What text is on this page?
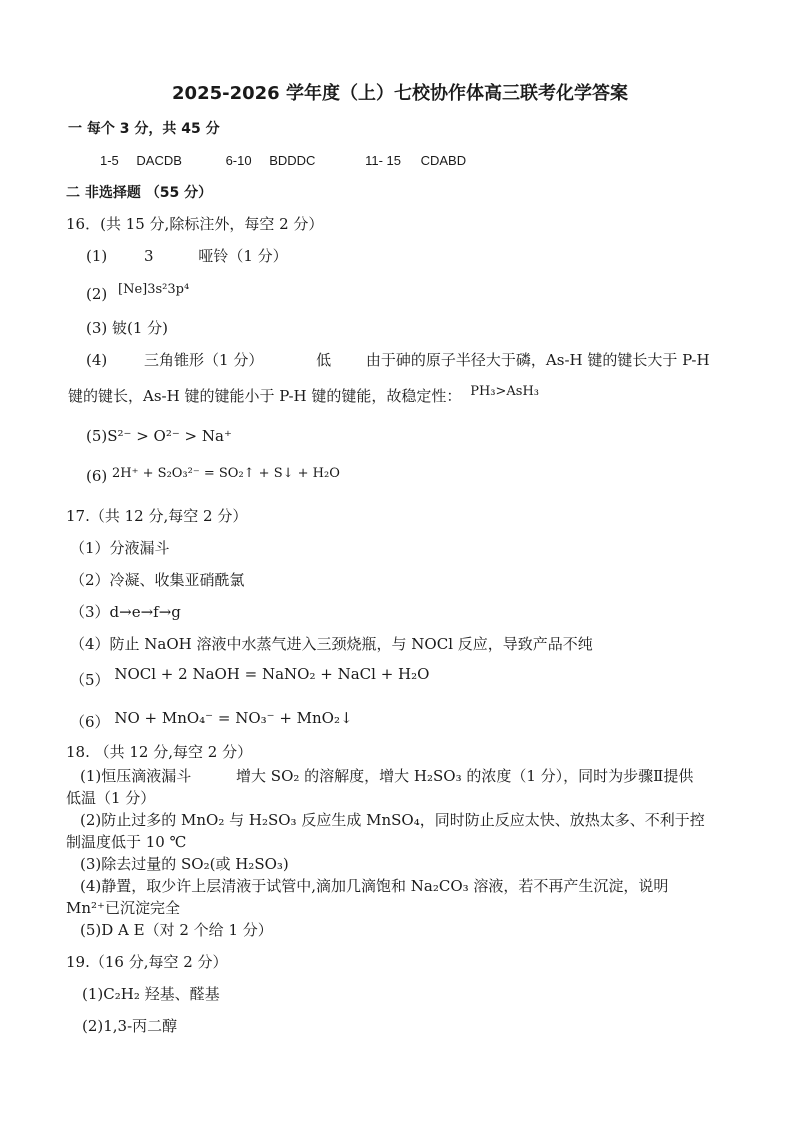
2025-2026 学年度（上）七校协作体高三联考化学答案
一 每个 3 分，共 45 分
1-5 DACDB	6-10 BDDDC	11- 15 CDABD
二 非选择题 （55 分）
16．(共 15 分,除标注外，每空 2 分）
(1) 3	哑铃（1 分）
(2) [Ne]3s²3p⁴
(3) 铍(1 分)
(4) 三角锥形（1 分）	低 由于砷的原子半径大于磷，As-H 键的键长大于 P-H
键的键长，As-H 键的键能小于 P-H 键的键能，故稳定性： PH₃>AsH₃
(5)S²⁻ > O²⁻ > Na⁺
(6) 2H⁺ + S₂O₃²⁻ = SO₂↑ + S↓ + H₂O
17.（共 12 分,每空 2 分）
（1）分液漏斗
（2）冷凝、收集亚硝酰氯
（3）d→e→f→g
（4）防止 NaOH 溶液中水蒸气进入三颈烧瓶，与 NOCl 反应，导致产品不纯
（5） NOCl + 2 NaOH = NaNO₂ + NaCl + H₂O
（6） NO + MnO₄⁻ = NO₃⁻ + MnO₂↓
18. （共 12 分,每空 2 分）
(1)恒压滴液漏斗	增大 SO₂ 的溶解度，增大 H₂SO₃ 的浓度（1 分），同时为步骤Ⅱ提供
低温（1 分）
(2)防止过多的 MnO₂ 与 H₂SO₃ 反应生成 MnSO₄，同时防止反应太快、放热太多、不利于控
制温度低于 10 ℃
(3)除去过量的 SO₂(或 H₂SO₃)
(4)静置，取少许上层清液于试管中,滴加几滴饱和 Na₂CO₃ 溶液，若不再产生沉淀，说明
Mn²⁺已沉淀完全
(5)D A E（对 2 个给 1 分）
19.（16 分,每空 2 分）
(1)C₂H₂ 羟基、醛基
(2)1,3-丙二醇
